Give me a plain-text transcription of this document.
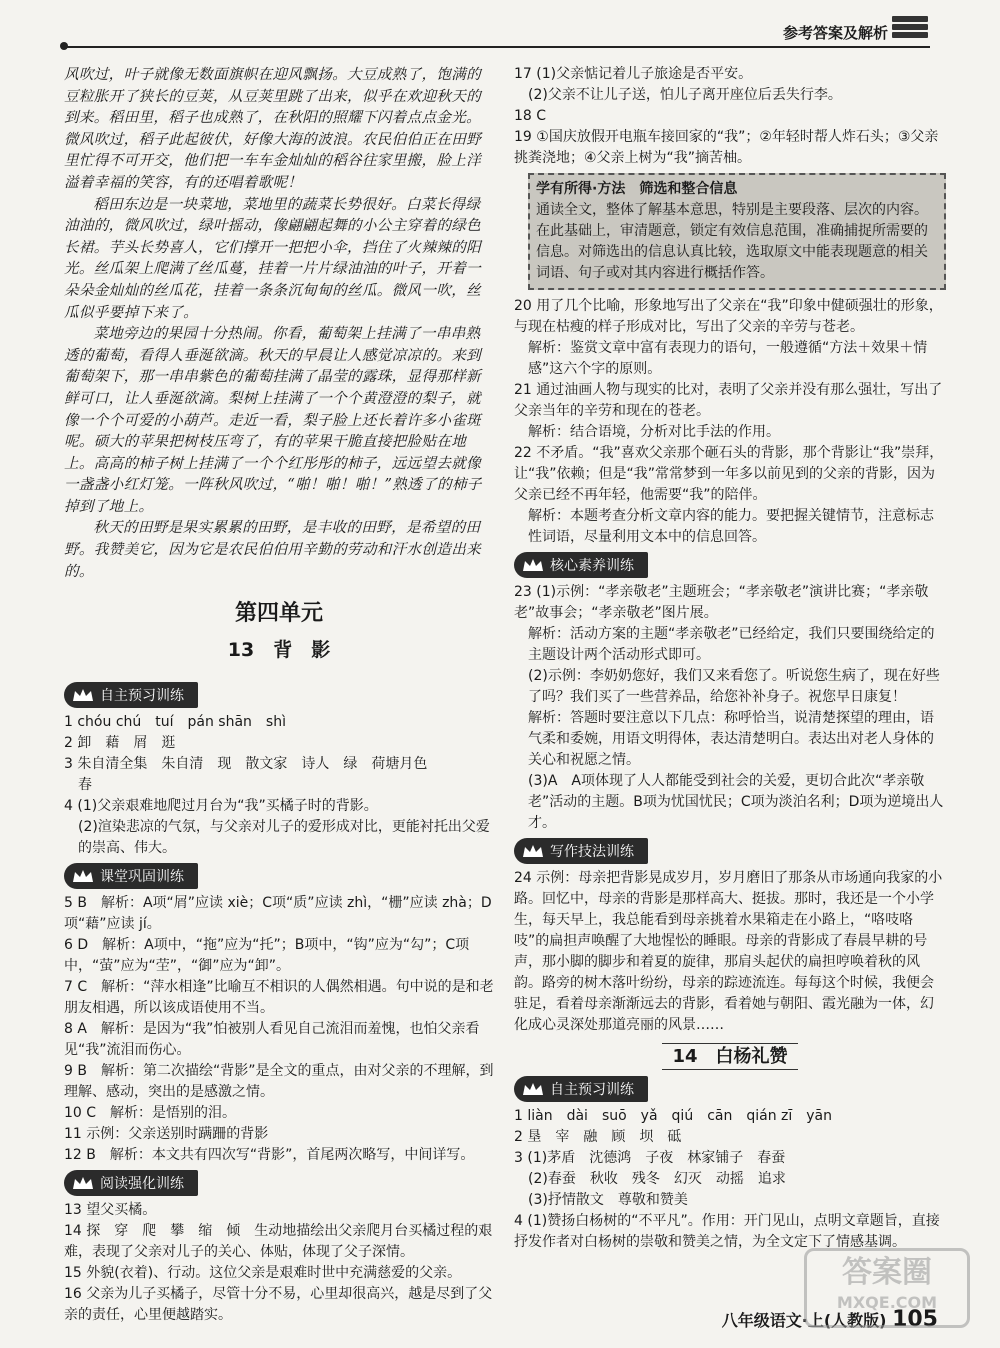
参考答案及解析

风吹过，叶子就像无数面旗帜在迎风飘扬。大豆成熟了，饱满的豆粒胀开了狭长的豆荚，从豆荚里跳了出来，似乎在欢迎秋天的到来。稻田里，稻子也成熟了，在秋阳的照耀下闪着点点金光。微风吹过，稻子此起彼伏，好像大海的波浪。农民伯伯正在田野里忙得不可开交，他们把一车车金灿灿的稻谷往家里搬，脸上洋溢着幸福的笑容，有的还唱着歌呢！

稻田东边是一块菜地，菜地里的蔬菜长势很好。白菜长得绿油油的，微风吹过，绿叶摇动，像翩翩起舞的小公主穿着的绿色长裙。芋头长势喜人，它们撑开一把把小伞，挡住了火辣辣的阳光。丝瓜架上爬满了丝瓜蔓，挂着一片片绿油油的叶子，开着一朵朵金灿灿的丝瓜花，挂着一条条沉甸甸的丝瓜。微风一吹，丝瓜似乎要掉下来了。

菜地旁边的果园十分热闹。你看，葡萄架上挂满了一串串熟透的葡萄，看得人垂涎欲滴。秋天的早晨让人感觉凉凉的。来到葡萄架下，那一串串紫色的葡萄挂满了晶莹的露珠，显得那样新鲜可口，让人垂涎欲滴。梨树上挂满了一个个黄澄澄的梨子，就像一个个可爱的小葫芦。走近一看，梨子脸上还长着许多小雀斑呢。硕大的苹果把树枝压弯了，有的苹果干脆直接把脸贴在地上。高高的柿子树上挂满了一个个红彤彤的柿子，远远望去就像一盏盏小红灯笼。一阵秋风吹过，“啪！啪！啪！”熟透了的柿子掉到了地上。

秋天的田野是果实累累的田野，是丰收的田野，是希望的田野。我赞美它，因为它是农民伯伯用辛勤的劳动和汗水创造出来的。

第四单元
13　背　影
自主预习训练
1 chóu chú　tuí　pán shān　shì
2 卸　藉　屑　逛
3 朱自清全集　朱自清　现　散文家　诗人　绿　荷塘月色
春
4 (1)父亲艰难地爬过月台为“我”买橘子时的背影。
(2)渲染悲凉的气氛，与父亲对儿子的爱形成对比，更能衬托出父爱的崇高、伟大。
课堂巩固训练
5 B　解析：A项“屑”应读 xiè；C项“质”应读 zhì，“栅”应读 zhà；D项“藉”应读 jí。
6 D　解析：A项中，“拖”应为“托”；B项中，“钩”应为“勾”；C项中，“萤”应为“茔”，“御”应为“卸”。
7 C　解析：“萍水相逢”比喻互不相识的人偶然相遇。句中说的是和老朋友相遇，所以该成语使用不当。
8 A　解析：是因为“我”怕被别人看见自己流泪而羞愧，也怕父亲看见“我”流泪而伤心。
9 B　解析：第二次描绘“背影”是全文的重点，由对父亲的不理解，到理解、感动，突出的是感激之情。
10 C　解析：是悟别的泪。
11 示例：父亲送别时蹒跚的背影
12 B　解析：本文共有四次写“背影”，首尾两次略写，中间详写。
阅读强化训练
13 望父买橘。
14 探　穿　爬　攀　缩　倾　生动地描绘出父亲爬月台买橘过程的艰难，表现了父亲对儿子的关心、体贴，体现了父子深情。
15 外貌(衣着)、行动。这位父亲是艰难时世中充满慈爱的父亲。
16 父亲为儿子买橘子，尽管十分不易，心里却很高兴，越是尽到了父亲的责任，心里便越踏实。
17 (1)父亲惦记着儿子旅途是否平安。
(2)父亲不让儿子送，怕儿子离开座位后丢失行李。
18 C
19 ①国庆放假开电瓶车接回家的“我”；②年轻时帮人炸石头；③父亲挑粪浇地；④父亲上树为“我”摘苦柚。
学有所得·方法　筛选和整合信息
通读全文，整体了解基本意思，特别是主要段落、层次的内容。在此基础上，审清题意，锁定有效信息范围，准确捕捉所需要的信息。对筛选出的信息认真比较，选取原文中能表现题意的相关词语、句子或对其内容进行概括作答。
20 用了几个比喻，形象地写出了父亲在“我”印象中健硕强壮的形象，与现在枯瘦的样子形成对比，写出了父亲的辛劳与苍老。
解析：鉴赏文章中富有表现力的语句，一般遵循“方法＋效果＋情感”这六个字的原则。
21 通过油画人物与现实的比对，表明了父亲并没有那么强壮，写出了父亲当年的辛劳和现在的苍老。
解析：结合语境，分析对比手法的作用。
22 不矛盾。“我”喜欢父亲那个砸石头的背影，那个背影让“我”崇拜，让“我”依赖；但是“我”常常梦到一年多以前见到的父亲的背影，因为父亲已经不再年轻，他需要“我”的陪伴。
解析：本题考查分析文章内容的能力。要把握关键情节，注意标志性词语，尽量利用文本中的信息回答。
核心素养训练
23 (1)示例：“孝亲敬老”主题班会；“孝亲敬老”演讲比赛；“孝亲敬老”故事会；“孝亲敬老”图片展。
解析：活动方案的主题“孝亲敬老”已经给定，我们只要围绕给定的主题设计两个活动形式即可。
(2)示例：李奶奶您好，我们又来看您了。听说您生病了，现在好些了吗？我们买了一些营养品，给您补补身子。祝您早日康复！
解析：答题时要注意以下几点：称呼恰当，说清楚探望的理由，语气柔和委婉，用语文明得体，表达清楚明白。表达出对老人身体的关心和祝愿之情。
(3)A　A项体现了人人都能受到社会的关爱，更切合此次“孝亲敬老”活动的主题。B项为忧国忧民；C项为淡泊名利；D项为逆境出人才。
写作技法训练
24 示例：母亲把背影晃成岁月，岁月磨旧了那条从市场通向我家的小路。回忆中，母亲的背影是那样高大、挺拔。那时，我还是一个小学生，每天早上，我总能看到母亲挑着水果箱走在小路上，“咯吱咯吱”的扁担声唤醒了大地惺忪的睡眼。母亲的背影成了春晨早耕的号声，那小脚的脚步和着夏的旋律，那肩头起伏的扁担哼唤着秋的风韵。路旁的树木落叶纷纷，母亲的踪迹流连。每每这个时候，我便会驻足，看着母亲渐渐远去的背影，看着她与朝阳、霞光融为一体，幻化成心灵深处那道亮丽的风景……
14　白杨礼赞
自主预习训练
1 liàn　dài　suō　yǎ　qiú　cān　qián zī　yān
2 垦　宰　融　顾　坝　砥
3 (1)茅盾　沈德鸿　子夜　林家铺子　春蚕
(2)春蚕　秋收　残冬　幻灭　动摇　追求
(3)抒情散文　尊敬和赞美
4 (1)赞扬白杨树的“不平凡”。作用：开门见山，点明文章题旨，直接抒发作者对白杨树的崇敬和赞美之情，为全文定下了情感基调。
八年级语文·上(人教版) 105
答案圈
MXQE.COM
